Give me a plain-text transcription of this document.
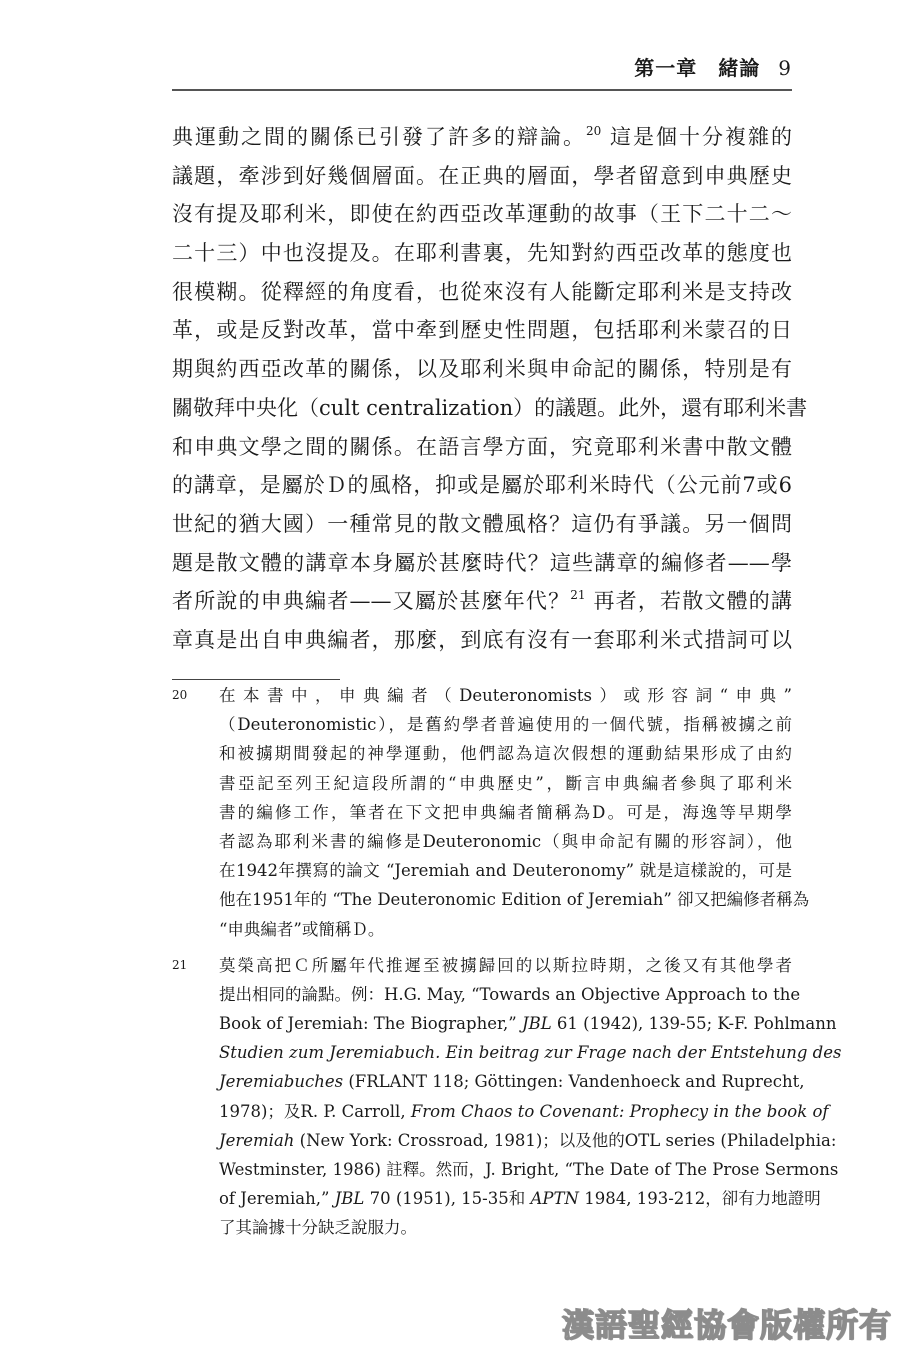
第一章　緒論 9
典運動之間的關係已引發了許多的辯論。$^{20}$ 這是個十分複雜的
議題，牽涉到好幾個層面。在正典的層面，學者留意到申典歷史
沒有提及耶利米，即使在約西亞改革運動的故事（王下二十二～
二十三）中也沒提及。在耶利書裏，先知對約西亞改革的態度也
很模糊。從釋經的角度看，也從來沒有人能斷定耶利米是支持改
革，或是反對改革，當中牽到歷史性問題，包括耶利米蒙召的日
期與約西亞改革的關係，以及耶利米與申命記的關係，特別是有
關敬拜中央化（cult centralization）的議題。此外，還有耶利米書
和申典文學之間的關係。在語言學方面，究竟耶利米書中散文體
的講章，是屬於Ｄ的風格，抑或是屬於耶利米時代（公元前7或6
世紀的猶大國）一種常見的散文體風格？這仍有爭議。另一個問
題是散文體的講章本身屬於甚麼時代？這些講章的編修者——學
者所說的申典編者——又屬於甚麼年代？$^{21}$ 再者，若散文體的講
章真是出自申典編者，那麼，到底有沒有一套耶利米式措詞可以
20 在本書中，申典編者（Deuteronomists）或形容詞“申典”
（Deuteronomistic），是舊約學者普遍使用的一個代號，指稱被擄之前
和被擄期間發起的神學運動，他們認為這次假想的運動結果形成了由約
書亞記至列王紀這段所謂的“申典歷史”，斷言申典編者參與了耶利米
書的編修工作，筆者在下文把申典編者簡稱為D。可是，海逸等早期學
者認為耶利米書的編修是Deuteronomic（與申命記有關的形容詞），他
在1942年撰寫的論文 “Jeremiah and Deuteronomy” 就是這樣說的，可是
他在1951年的 “The Deuteronomic Edition of Jeremiah” 卻又把編修者稱為
“申典編者”或簡稱Ｄ。
21 莫榮高把Ｃ所屬年代推遲至被擄歸回的以斯拉時期，之後又有其他學者
提出相同的論點。例：H.G. May, “Towards an Objective Approach to the
Book of Jeremiah: The Biographer,” JBL 61 (1942), 139-55; K-F. Pohlmann
Studien zum Jeremiabuch. Ein beitrag zur Frage nach der Entstehung des
Jeremiabuches (FRLANT 118; Göttingen: Vandenhoeck and Ruprecht,
1978)；及R. P. Carroll, From Chaos to Covenant: Prophecy in the book of
Jeremiah (New York: Crossroad, 1981)；以及他的OTL series (Philadelphia:
Westminster, 1986) 註釋。然而，J. Bright, “The Date of The Prose Sermons
of Jeremiah,” JBL 70 (1951), 15-35和 APTN 1984, 193-212，卻有力地證明
了其論據十分缺乏說服力。
漢語聖經協會版權所有
